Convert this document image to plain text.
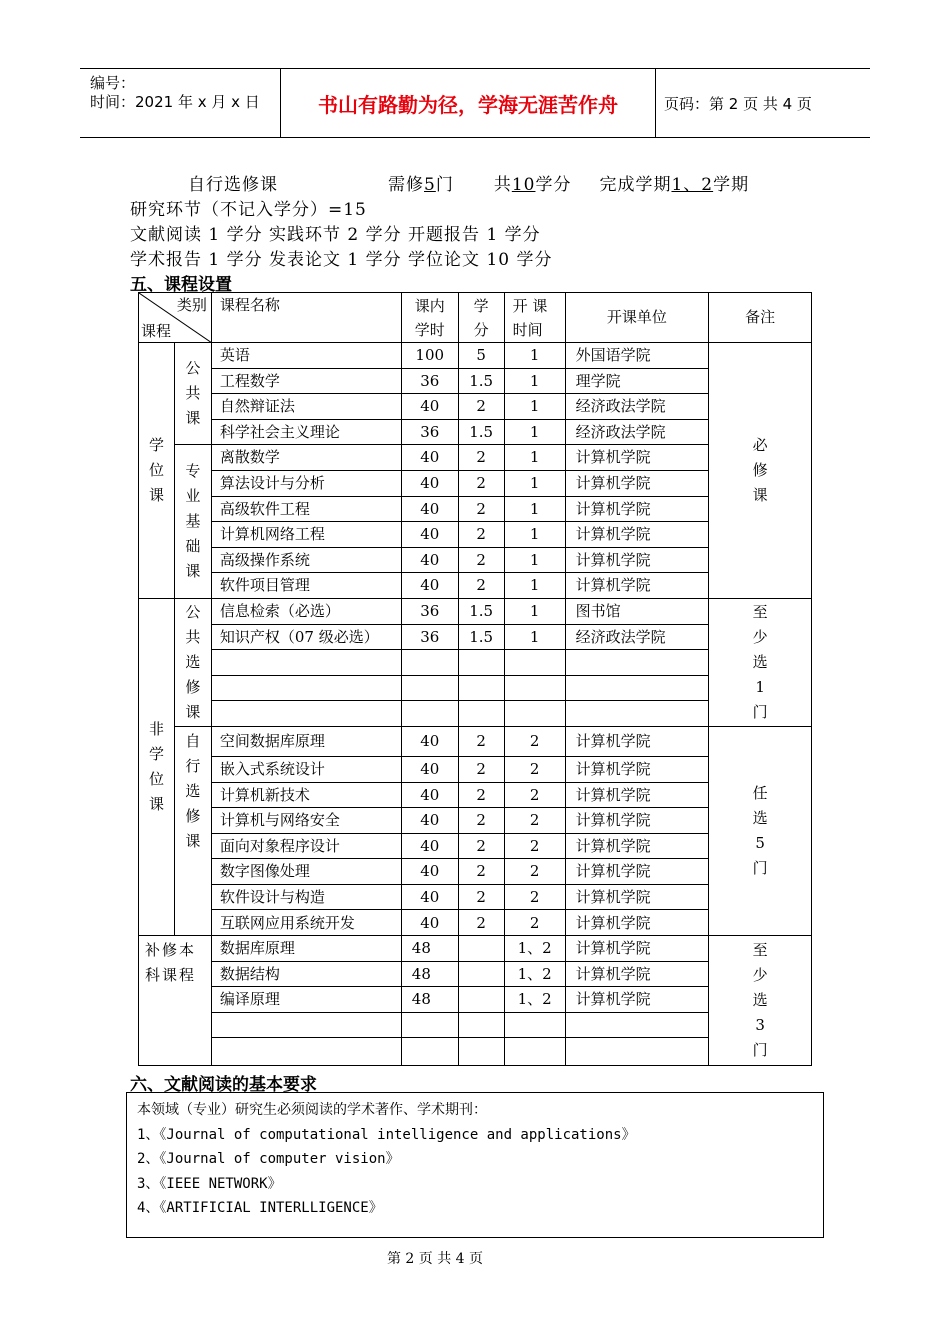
编号：
时间：2021 年 x 月 x 日	书山有路勤为径，学海无涯苦作舟	页码：第 2 页 共 4 页
自行选修课	需修5门 共10学分 完成学期1、2学期
研究环节（不记入学分）=15
文献阅读 1 学分 实践环节 2 学分 开题报告 1 学分
学术报告 1 学分 发表论文 1 学分 学位论文 10 学分
五、课程设置
类别
课程		课程名称	课内学时	学分	开 课时间	开课单位	备注

学位课	公共课	英语	100	5	1	外国语学院	必修课

		工程数学	36	1.5	1	理学院	
		自然辩证法	40	2	1	经济政法学院	
		科学社会主义理论	36	1.5	1	经济政法学院	

	专业基础课	离散数学	40	2	1	计算机学院	
		算法设计与分析	40	2	1	计算机学院	
		高级软件工程	40	2	1	计算机学院	
		计算机网络工程	40	2	1	计算机学院	
		高级操作系统	40	2	1	计算机学院	
		软件项目管理	40	2	1	计算机学院	

非学位课	公共选修课	信息检索（必选）	36	1.5	1	图书馆	至少选1门

		知识产权（07 级必选）	36	1.5	1	经济政法学院	

	自行选修课	空间数据库原理	40	2	2	计算机学院	任选5门

		嵌入式系统设计	40	2	2	计算机学院	
		计算机新技术	40	2	2	计算机学院	
		计算机与网络安全	40	2	2	计算机学院	
		面向对象程序设计	40	2	2	计算机学院	
		数字图像处理	40	2	2	计算机学院	
		软件设计与构造	40	2	2	计算机学院	
		互联网应用系统开发	40	2	2	计算机学院	
补修本科课程		数据库原理	48		1、2	计算机学院	至少选3门

		数据结构	48		1、2	计算机学院	
		编译原理	48		1、2	计算机学院	

六、文献阅读的基本要求
本领域（专业）研究生必须阅读的学术著作、学术期刊：
1、《Journal of computational intelligence and applications》
2、《Journal of computer vision》
3、《IEEE NETWORK》
4、《ARTIFICIAL INTERLLIGENCE》
第 2 页 共 4 页
